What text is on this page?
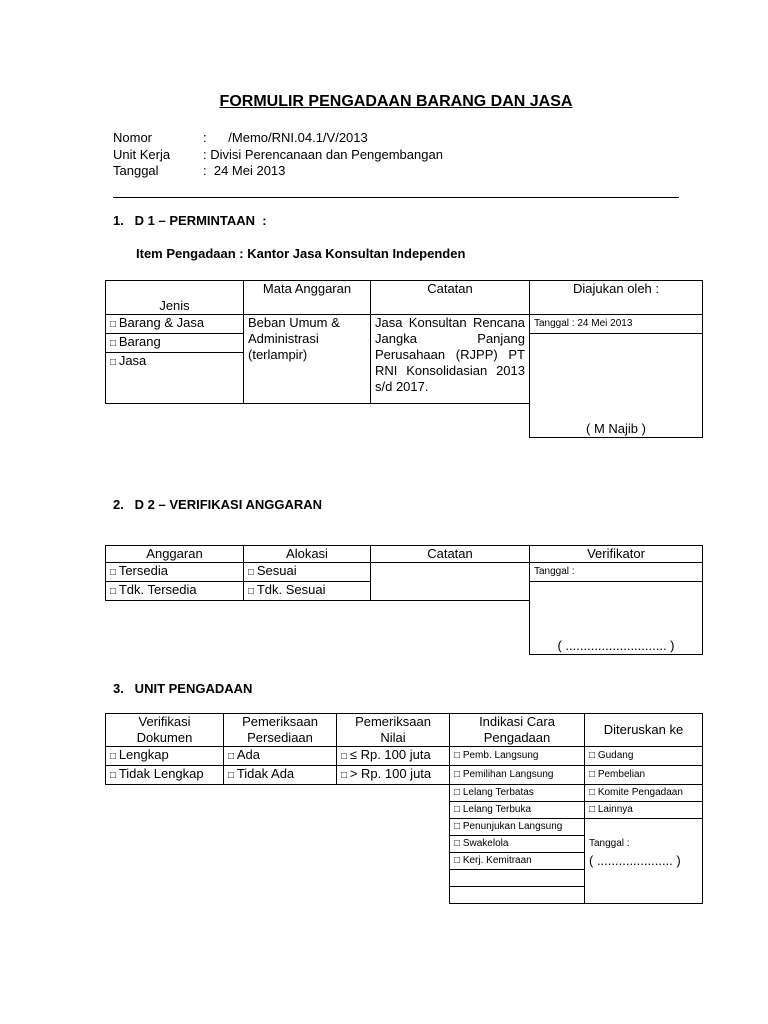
FORMULIR PENGADAAN BARANG DAN JASA
Nomor	:      /Memo/RNI.04.1/V/2013
Unit Kerja	: Divisi Perencanaan dan Pengembangan
Tanggal	:  24 Mei 2013
1.   D 1 – PERMINTAAN  :
Item Pengadaan : Kantor Jasa Konsultan Independen
Jenis	Mata Anggaran	Catatan	Diajukan oleh :
□ Barang & Jasa	Beban Umum & Administrasi (terlampir)	Jasa Konsultan Rencana Jangka Panjang Perusahaan (RJPP) PT RNI Konsolidasian 2013 s/d 2017.	Tanggal : 24 Mei 2013
□ Barang			( M Najib )
□ Jasa

2.   D 2 – VERIFIKASI ANGGARAN
Anggaran	Alokasi	Catatan	Verifikator
□ Tersedia	□ Sesuai		Tanggal :
□ Tdk. Tersedia	□ Tdk. Sesuai		( ............................ )

3.   UNIT PENGADAAN
Verifikasi Dokumen	Pemeriksaan Persediaan	Pemeriksaan Nilai	Indikasi Cara Pengadaan	Diteruskan ke
□ Lengkap	□ Ada	□ ≤ Rp. 100 juta	□ Pemb. Langsung	□ Gudang
□ Tidak Lengkap	□ Tidak Ada	□ > Rp. 100 juta	□ Pemilihan Langsung	□ Pembelian
			□ Lelang Terbatas	□ Komite Pengadaan
			□ Lelang Terbuka	□ Lainnya
			□ Penunjukan Langsung	
			□ Swakelola	Tanggal :
			□ Kerj. Kemitraan	( ..................... )
